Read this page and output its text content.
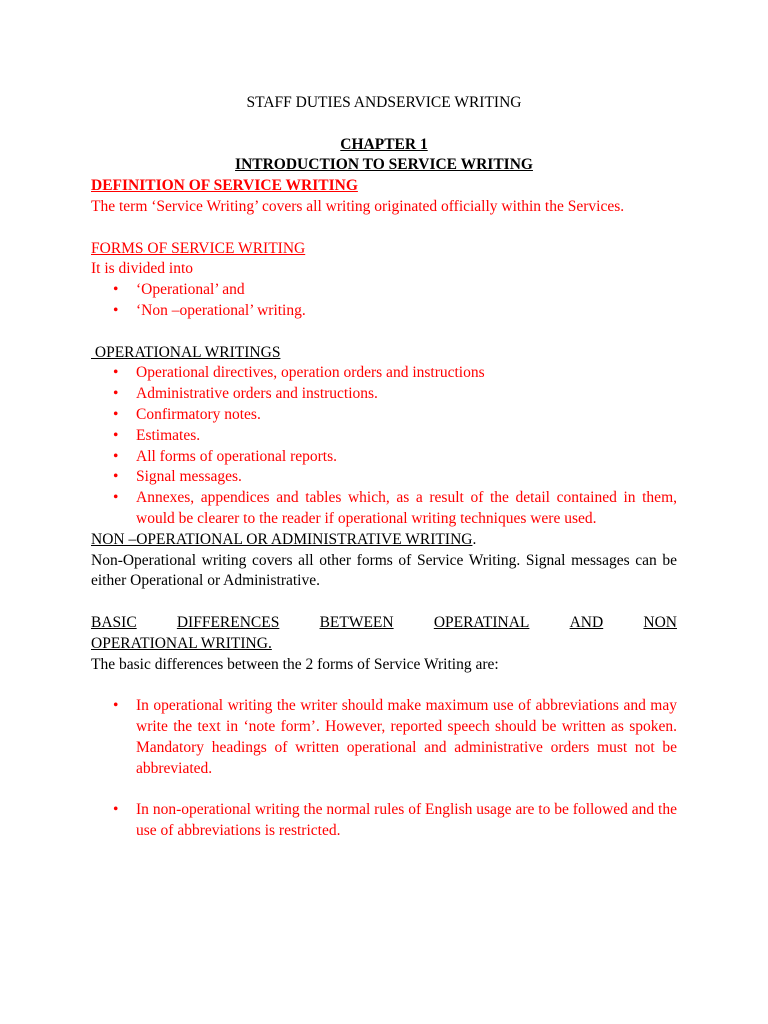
STAFF DUTIES ANDSERVICE WRITING

CHAPTER 1

INTRODUCTION TO SERVICE WRITING

DEFINITION OF SERVICE WRITING

The term ‘Service Writing’ covers all writing originated officially within the Services.

FORMS OF SERVICE WRITING

It is divided into

• ‘Operational’ and
• ‘Non –operational’ writing.

OPERATIONAL WRITINGS

• Operational directives, operation orders and instructions
• Administrative orders and instructions.
• Confirmatory notes.
• Estimates.
• All forms of operational reports.
• Signal messages.
• Annexes, appendices and tables which, as a result of the detail contained in them, would be clearer to the reader if operational writing techniques were used.

NON –OPERATIONAL OR ADMINISTRATIVE WRITING.

Non-Operational writing covers all other forms of Service Writing. Signal messages can be either Operational or Administrative.

BASIC	DIFFERENCES	BETWEEN	OPERATINAL	AND	NON

OPERATIONAL WRITING.

The basic differences between the 2 forms of Service Writing are:

• In operational writing the writer should make maximum use of abbreviations and may write the text in ‘note form’. However, reported speech should be written as spoken. Mandatory headings of written operational and administrative orders must not be abbreviated.
• In non-operational writing the normal rules of English usage are to be followed and the use of abbreviations is restricted.
